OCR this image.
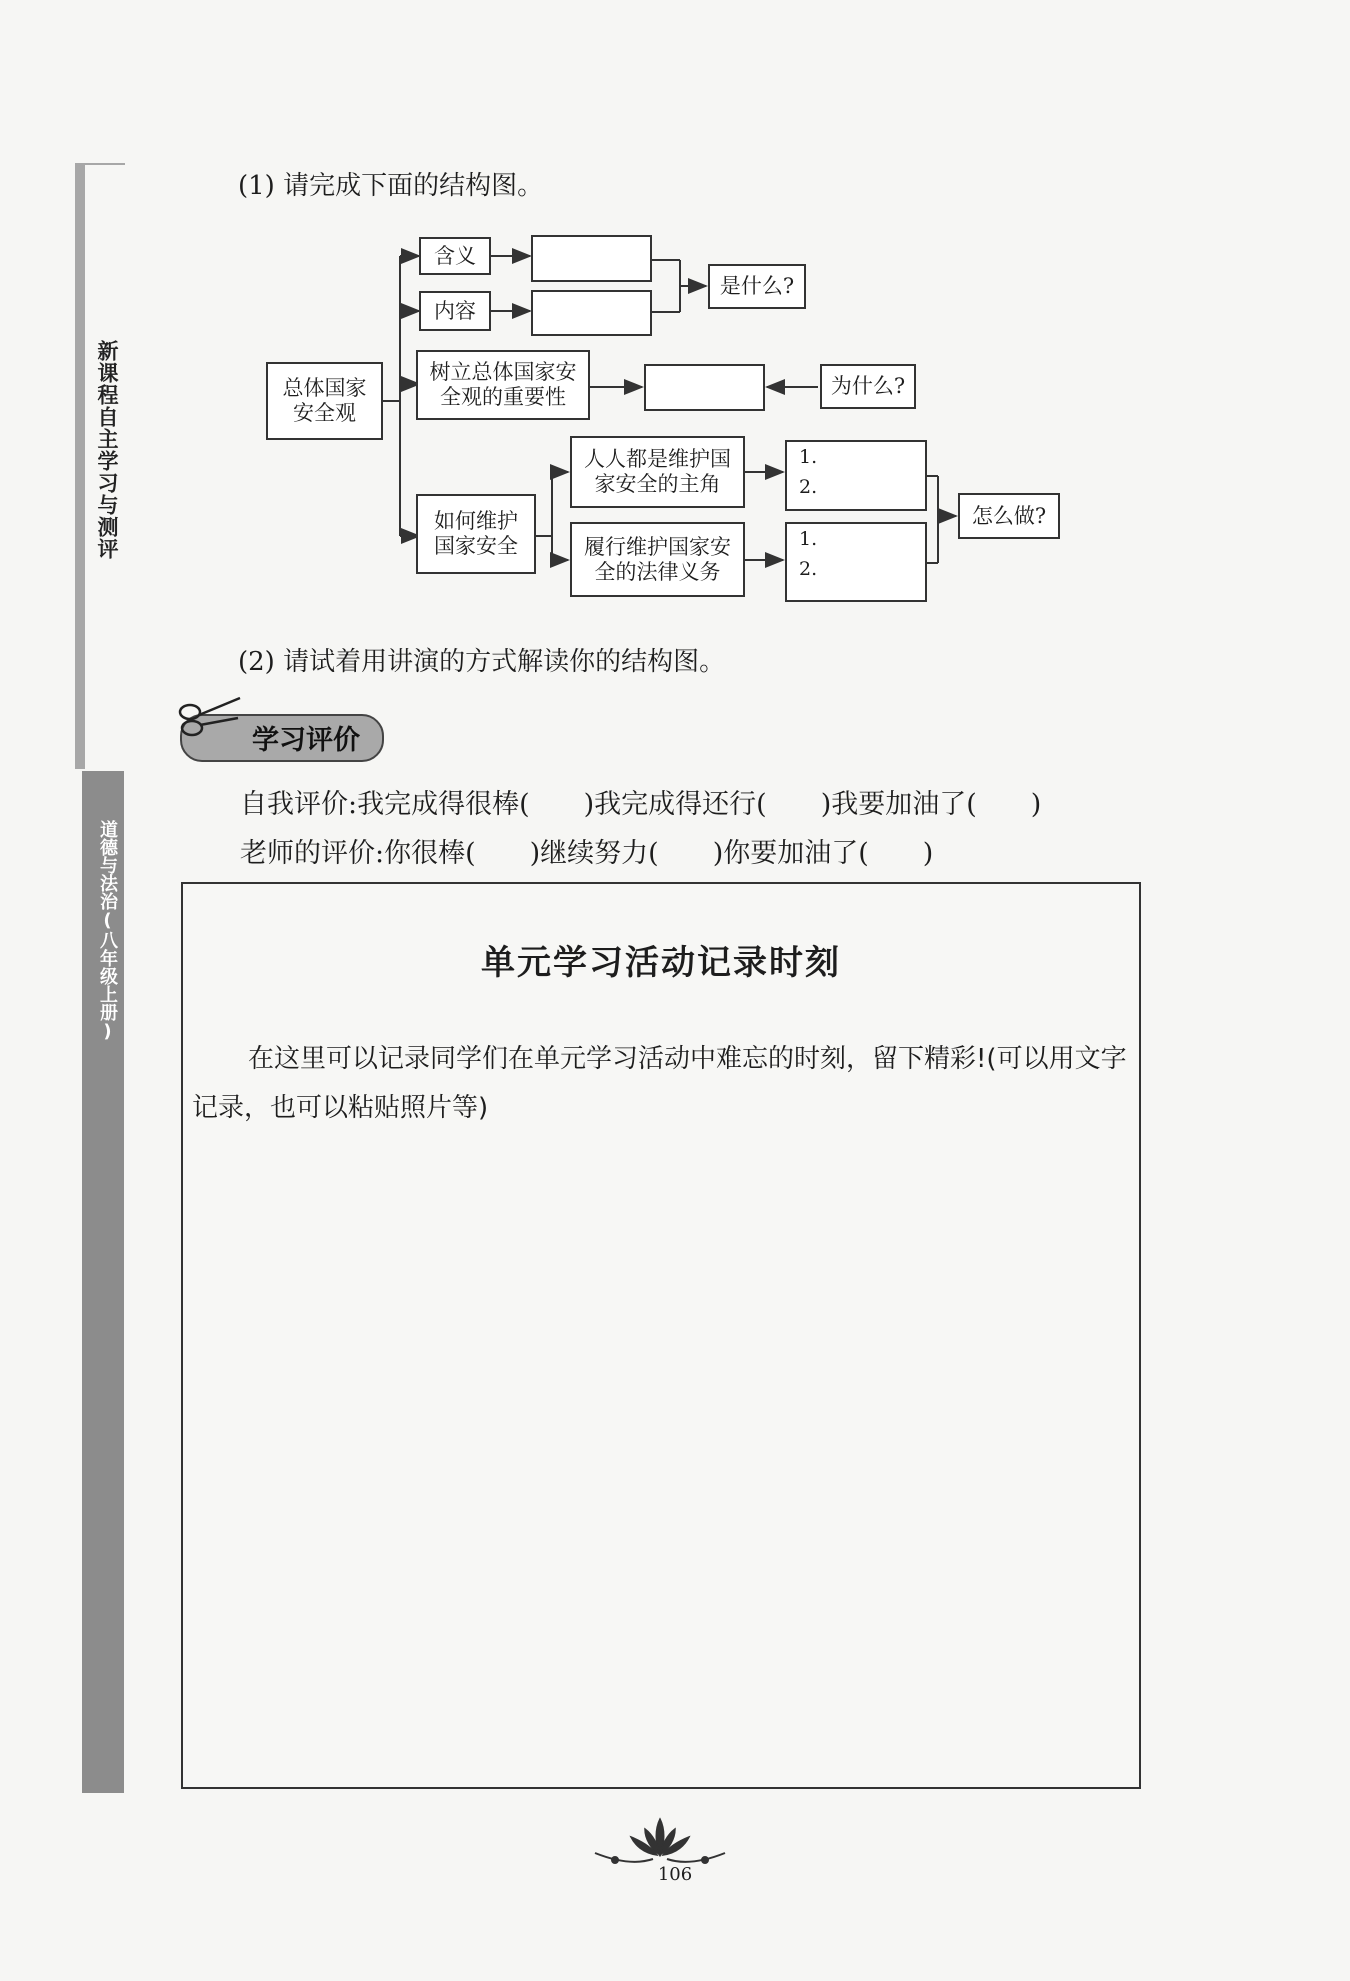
新课程自主学习与测评
道德与法治(八年级上册)
(1) 请完成下面的结构图。
总体国家
安全观
含义
内容
是什么?
树立总体国家安
全观的重要性	为什么?
如何维护
国家安全
人人都是维护国
家安全的主角
履行维护国家安
全的法律义务
1.
2.
1.
2.
怎么做?
(2) 请试着用讲演的方式解读你的结构图。
学习评价
自我评价:我完成得很棒(　　)我完成得还行(　　)我要加油了(　　)
老师的评价:你很棒(　　)继续努力(　　)你要加油了(　　)
单元学习活动记录时刻
在这里可以记录同学们在单元学习活动中难忘的时刻，留下精彩!(可以用文字记录，也可以粘贴照片等)
106
